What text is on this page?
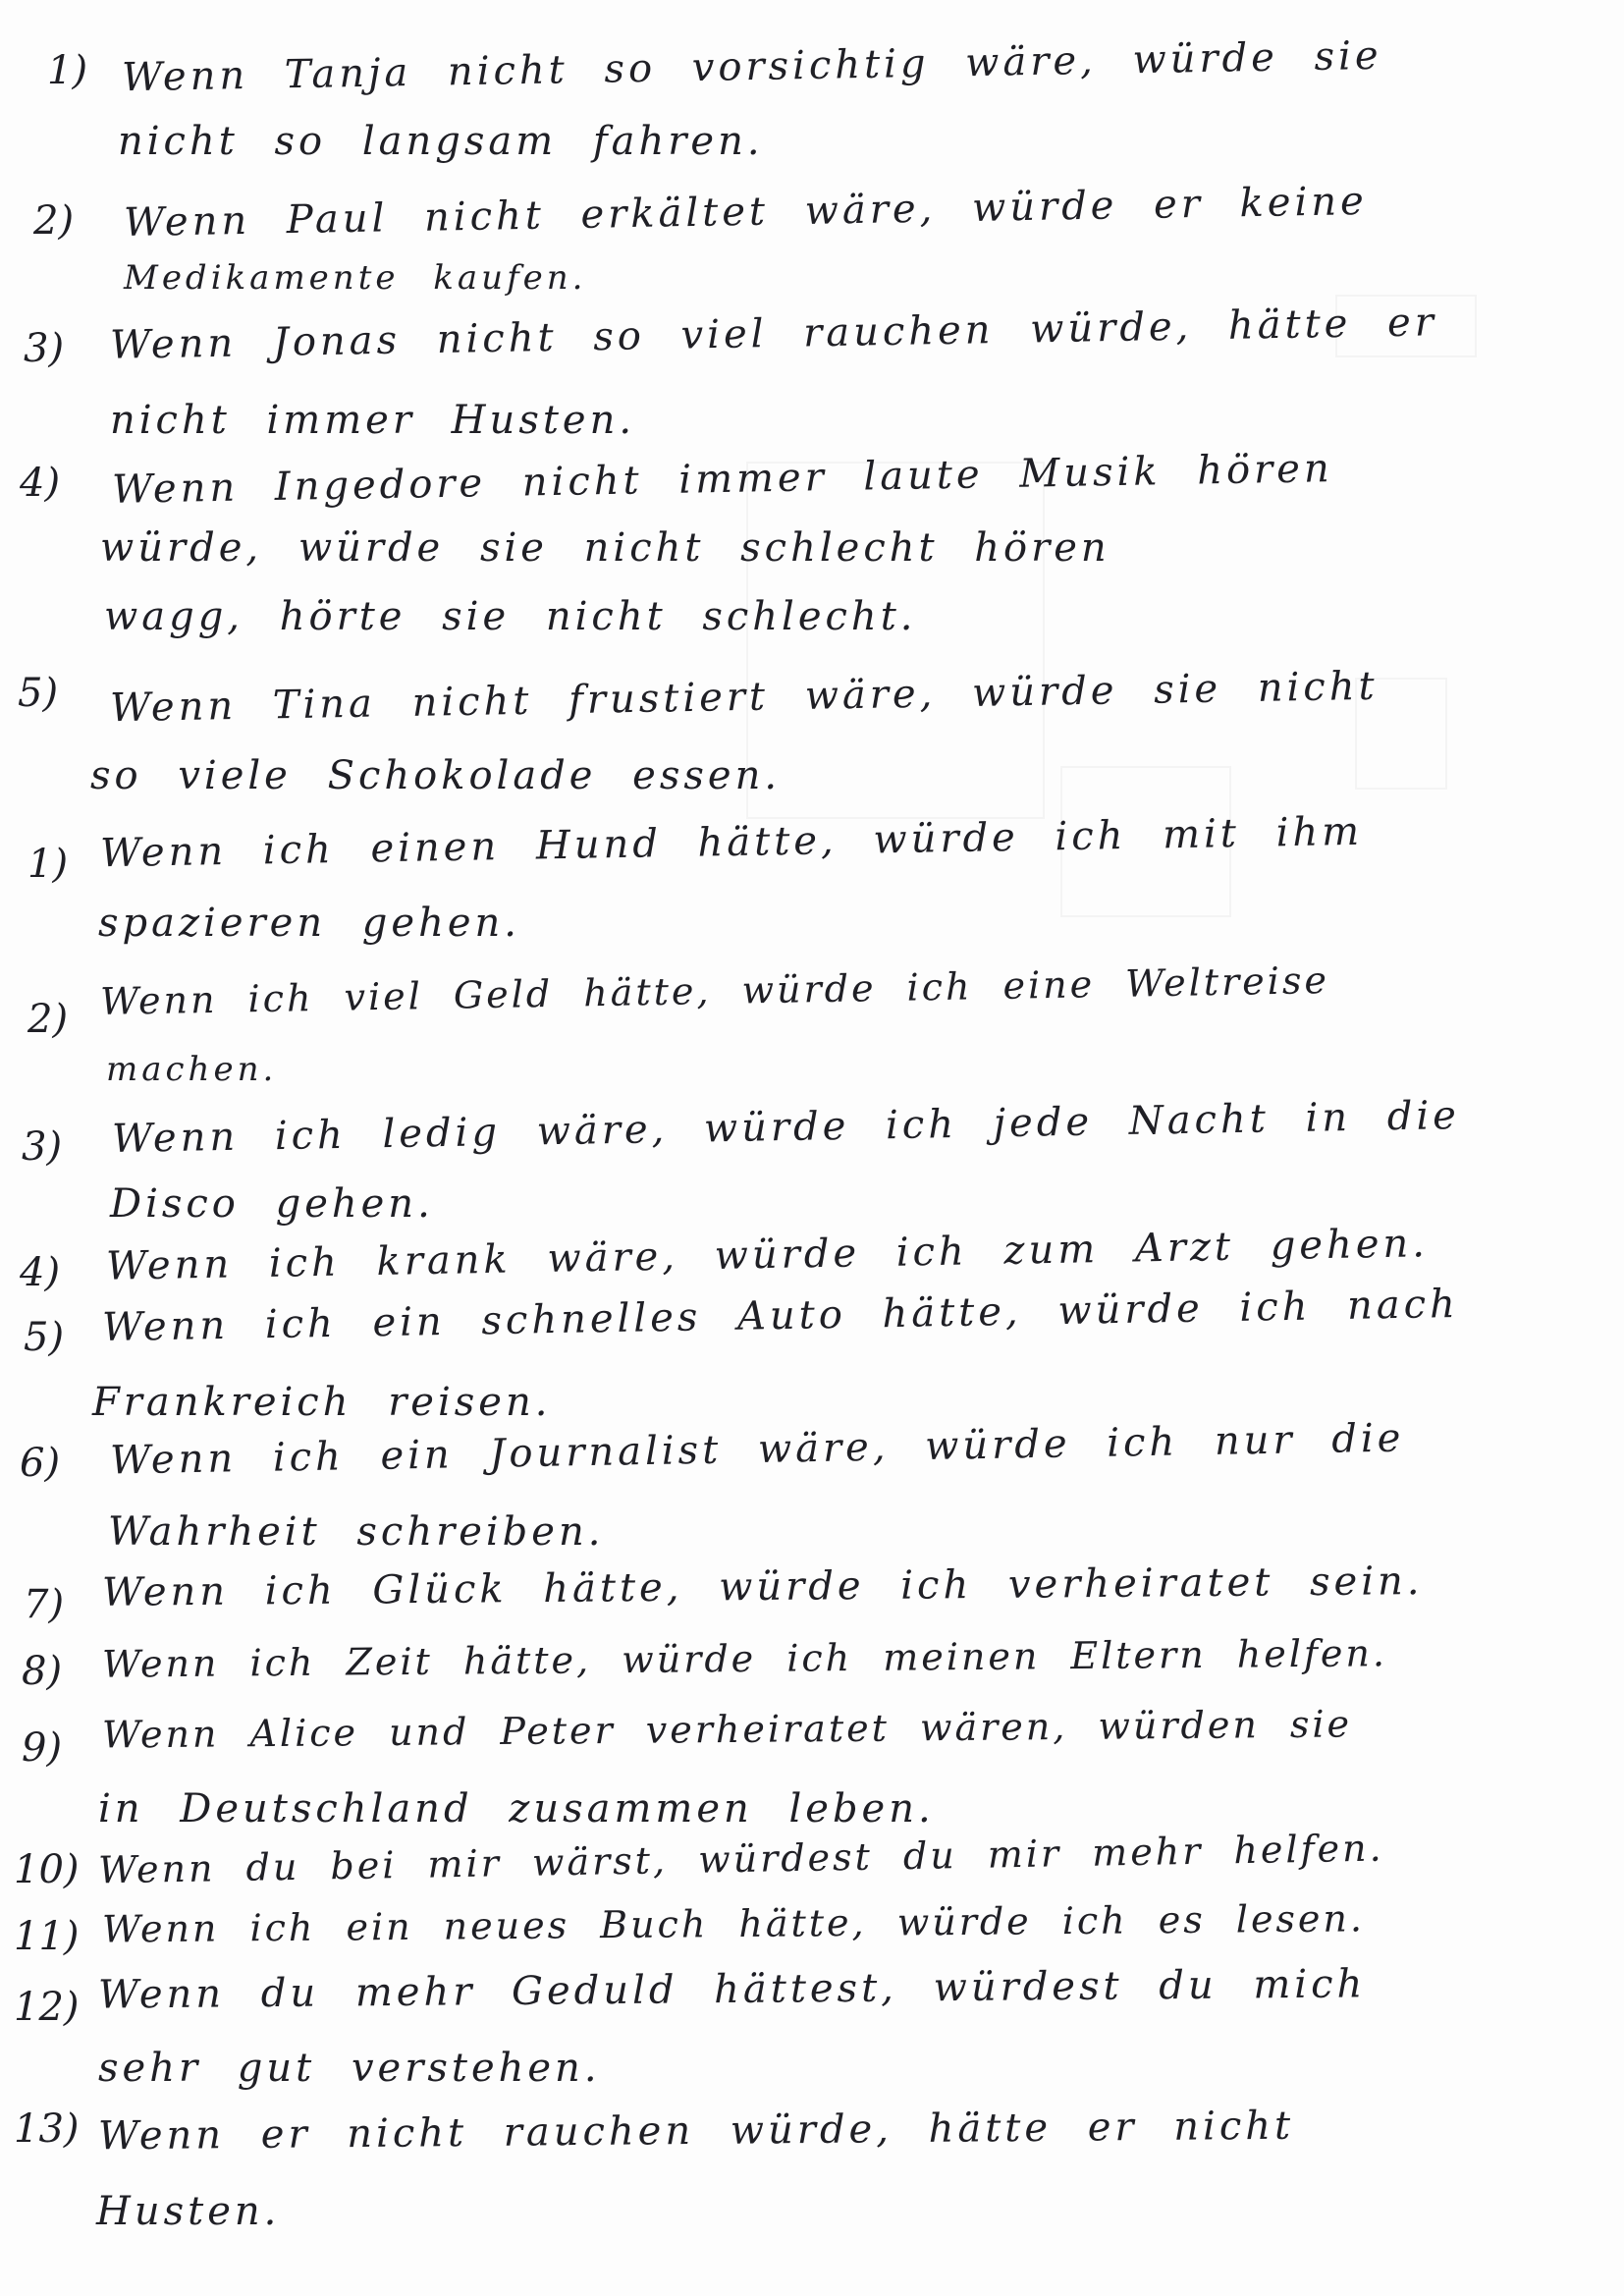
1) Wenn Tanja nicht so vorsichtig wäre, würde sie

nicht so langsam fahren.

2) Wenn Paul nicht erkältet wäre, würde er keine

Medikamente kaufen.

3) Wenn Jonas nicht so viel rauchen würde, hätte er

nicht immer Husten.

4) Wenn Ingedore nicht immer laute Musik hören

würde, würde sie nicht schlecht hören

wagg, hörte sie nicht schlecht.

5) Wenn Tina nicht frustiert wäre, würde sie nicht

so viele Schokolade essen.

1) Wenn ich einen Hund hätte, würde ich mit ihm

spazieren gehen.

2) Wenn ich viel Geld hätte, würde ich eine Weltreise

machen.

3) Wenn ich ledig wäre, würde ich jede Nacht in die

Disco gehen.

4) Wenn ich krank wäre, würde ich zum Arzt gehen.

5) Wenn ich ein schnelles Auto hätte, würde ich nach

Frankreich reisen.

6) Wenn ich ein Journalist wäre, würde ich nur die

Wahrheit schreiben.

7) Wenn ich Glück hätte, würde ich verheiratet sein.

8) Wenn ich Zeit hätte, würde ich meinen Eltern helfen.

9) Wenn Alice und Peter verheiratet wären, würden sie

in Deutschland zusammen leben.

10) Wenn du bei mir wärst, würdest du mir mehr helfen.

11) Wenn ich ein neues Buch hätte, würde ich es lesen.

12) Wenn du mehr Geduld hättest, würdest du mich

sehr gut verstehen.

13) Wenn er nicht rauchen würde, hätte er nicht

Husten.
